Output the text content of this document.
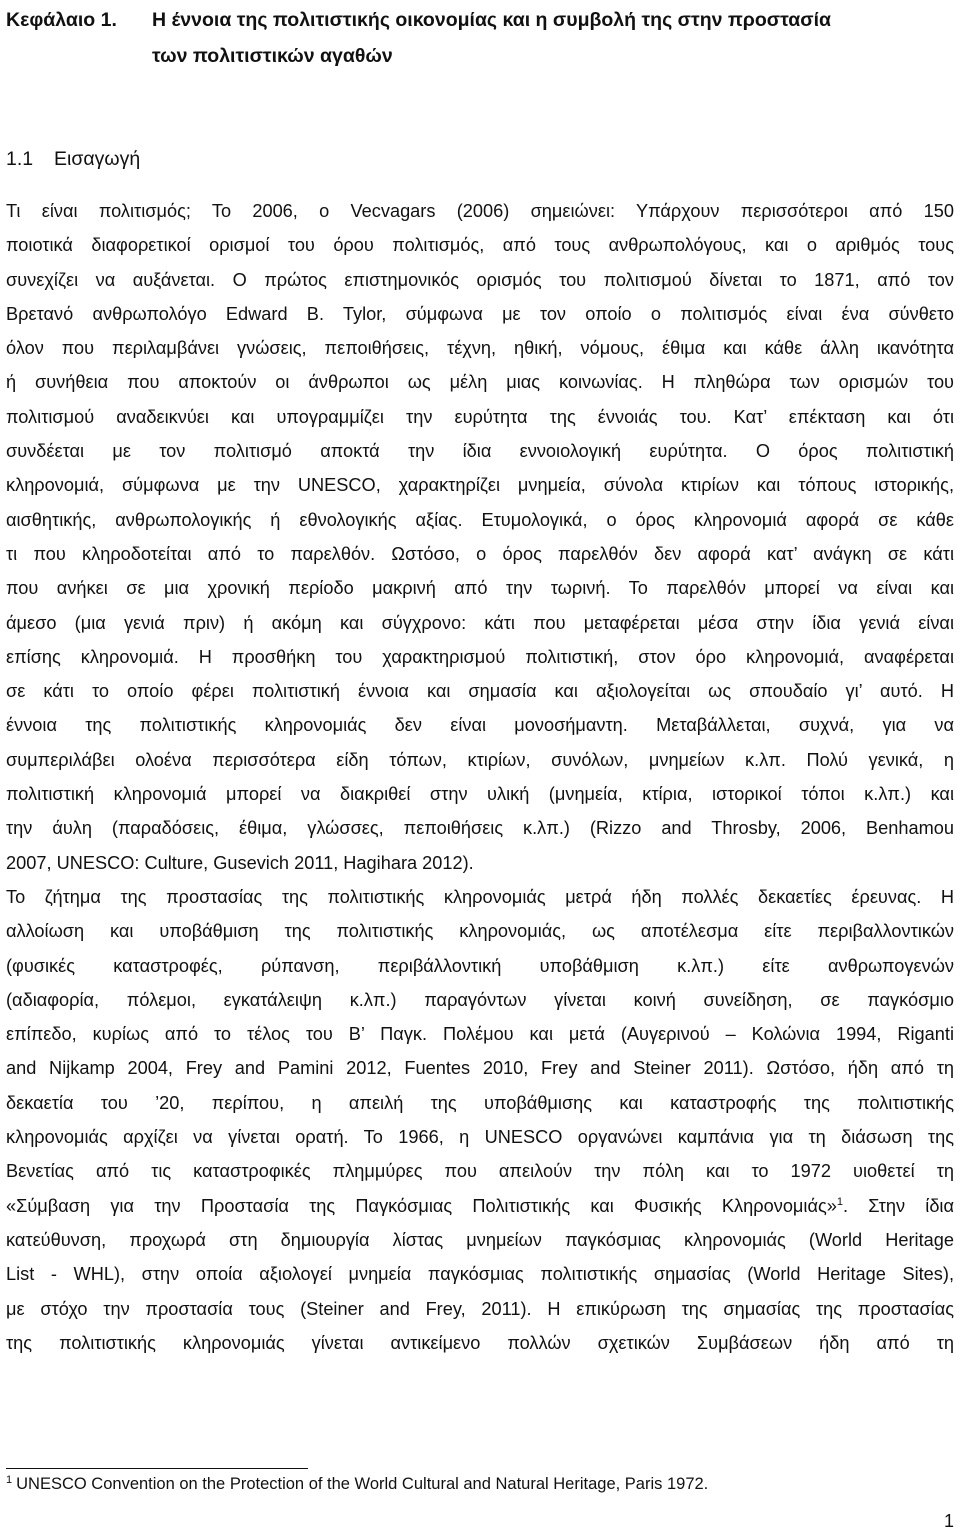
Κεφάλαιο 1. Η έννοια της πολιτιστικής οικονομίας και η συμβολή της στην προστασία
των πολιτιστικών αγαθών
1.1 Εισαγωγή

Τι είναι πολιτισμός; Το 2006, ο Vecvagars (2006) σημειώνει: Υπάρχουν περισσότεροι από 150
ποιοτικά διαφορετικοί ορισμοί του όρου πολιτισμός, από τους ανθρωπολόγους, και ο αριθμός τους
συνεχίζει να αυξάνεται. Ο πρώτος επιστημονικός ορισμός του πολιτισμού δίνεται το 1871, από τον
Βρετανό ανθρωπολόγο Edward B. Tylor, σύμφωνα με τον οποίο ο πολιτισμός είναι ένα σύνθετο
όλον που περιλαμβάνει γνώσεις, πεποιθήσεις, τέχνη, ηθική, νόμους, έθιμα και κάθε άλλη ικανότητα
ή συνήθεια που αποκτούν οι άνθρωποι ως μέλη μιας κοινωνίας. Η πληθώρα των ορισμών του
πολιτισμού αναδεικνύει και υπογραμμίζει την ευρύτητα της έννοιάς του. Κατ’ επέκταση και ότι
συνδέεται με τον πολιτισμό αποκτά την ίδια εννοιολογική ευρύτητα. Ο όρος πολιτιστική
κληρονομιά, σύμφωνα με την UNESCO, χαρακτηρίζει μνημεία, σύνολα κτιρίων και τόπους ιστορικής,
αισθητικής, ανθρωπολογικής ή εθνολογικής αξίας. Ετυμολογικά, ο όρος κληρονομιά αφορά σε κάθε
τι που κληροδοτείται από το παρελθόν. Ωστόσο, ο όρος παρελθόν δεν αφορά κατ’ ανάγκη σε κάτι
που ανήκει σε μια χρονική περίοδο μακρινή από την τωρινή. Το παρελθόν μπορεί να είναι και
άμεσο (μια γενιά πριν) ή ακόμη και σύγχρονο: κάτι που μεταφέρεται μέσα στην ίδια γενιά είναι
επίσης κληρονομιά. Η προσθήκη του χαρακτηρισμού πολιτιστική, στον όρο κληρονομιά, αναφέρεται
σε κάτι το οποίο φέρει πολιτιστική έννοια και σημασία και αξιολογείται ως σπουδαίο γι’ αυτό. Η
έννοια της πολιτιστικής κληρονομιάς δεν είναι μονοσήμαντη. Μεταβάλλεται, συχνά, για να
συμπεριλάβει ολοένα περισσότερα είδη τόπων, κτιρίων, συνόλων, μνημείων κ.λπ. Πολύ γενικά, η
πολιτιστική κληρονομιά μπορεί να διακριθεί στην υλική (μνημεία, κτίρια, ιστορικοί τόποι κ.λπ.) και
την άυλη (παραδόσεις, έθιμα, γλώσσες, πεποιθήσεις κ.λπ.) (Rizzo and Throsby, 2006, Benhamou
2007, UNESCO: Culture, Gusevich 2011, Hagihara 2012).

Το ζήτημα της προστασίας της πολιτιστικής κληρονομιάς μετρά ήδη πολλές δεκαετίες έρευνας. Η
αλλοίωση και υποβάθμιση της πολιτιστικής κληρονομιάς, ως αποτέλεσμα είτε περιβαλλοντικών
(φυσικές καταστροφές, ρύπανση, περιβάλλοντική υποβάθμιση κ.λπ.) είτε ανθρωπογενών
(αδιαφορία, πόλεμοι, εγκατάλειψη κ.λπ.) παραγόντων γίνεται κοινή συνείδηση, σε παγκόσμιο
επίπεδο, κυρίως από το τέλος του Β’ Παγκ. Πολέμου και μετά (Αυγερινού – Κολώνια 1994, Riganti
and Nijkamp 2004, Frey and Pamini 2012, Fuentes 2010, Frey and Steiner 2011). Ωστόσο, ήδη από τη
δεκαετία του ’20, περίπου, η απειλή της υποβάθμισης και καταστροφής της πολιτιστικής
κληρονομιάς αρχίζει να γίνεται ορατή. Το 1966, η UNESCO οργανώνει καμπάνια για τη διάσωση της
Βενετίας από τις καταστροφικές πλημμύρες που απειλούν την πόλη και το 1972 υιοθετεί τη
«Σύμβαση για την Προστασία της Παγκόσμιας Πολιτιστικής και Φυσικής Κληρονομιάς»$^1$. Στην ίδια
κατεύθυνση, προχωρά στη δημιουργία λίστας μνημείων παγκόσμιας κληρονομιάς (World Heritage
List - WHL), στην οποία αξιολογεί μνημεία παγκόσμιας πολιτιστικής σημασίας (World Heritage Sites),
με στόχο την προστασία τους (Steiner and Frey, 2011). Η επικύρωση της σημασίας της προστασίας
της πολιτιστικής κληρονομιάς γίνεται αντικείμενο πολλών σχετικών Συμβάσεων ήδη από τη

$^1$ UNESCO Convention on the Protection of the World Cultural and Natural Heritage, Paris 1972.
1
